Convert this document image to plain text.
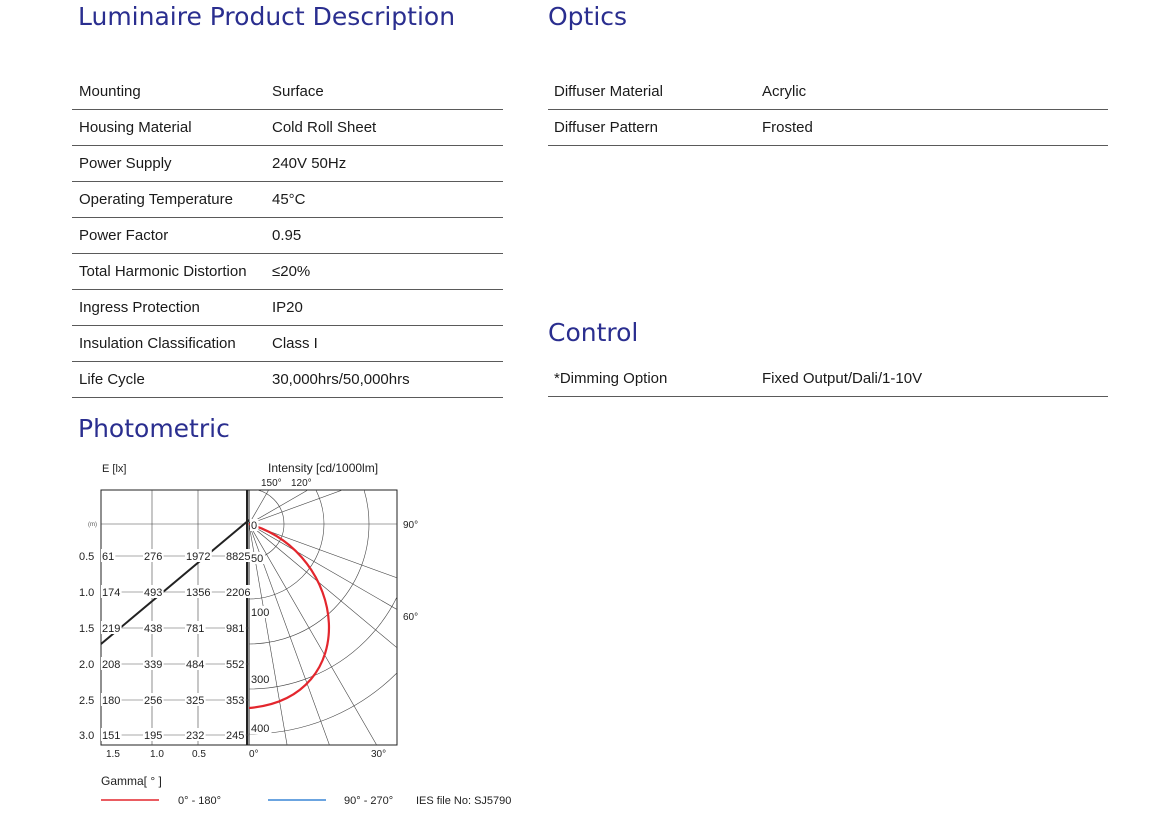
Luminaire Product Description
Mounting	Surface
Housing Material	Cold Roll Sheet
Power Supply	240V 50Hz
Operating Temperature	45°C
Power Factor	0.95
Total Harmonic Distortion ≤20%
Ingress Protection	IP20
Insulation Classification Class I
Life Cycle	30,000hrs/50,000hrs
Optics
Diffuser Material	Acrylic
Diffuser Pattern	Frosted
Control
*Dimming Option	Fixed Output/Dali/1-10V
Photometric
E [lx]
(m)
Intensity [cd/1000lm]
150° 120°
90°
60°
30°
0.5 61	276 1972 8825
1.0 174 493 1356 2206
1.5 219 438 781 981
2.0 208 339 484 552
2.5 180 256 325 353
3.0 151 195 232 245
1.5	1.0	0.5	0°
0
50
100
300
400
Gamma[ ° ]
0° - 180°	90° - 270° IES file No: SJ5790
